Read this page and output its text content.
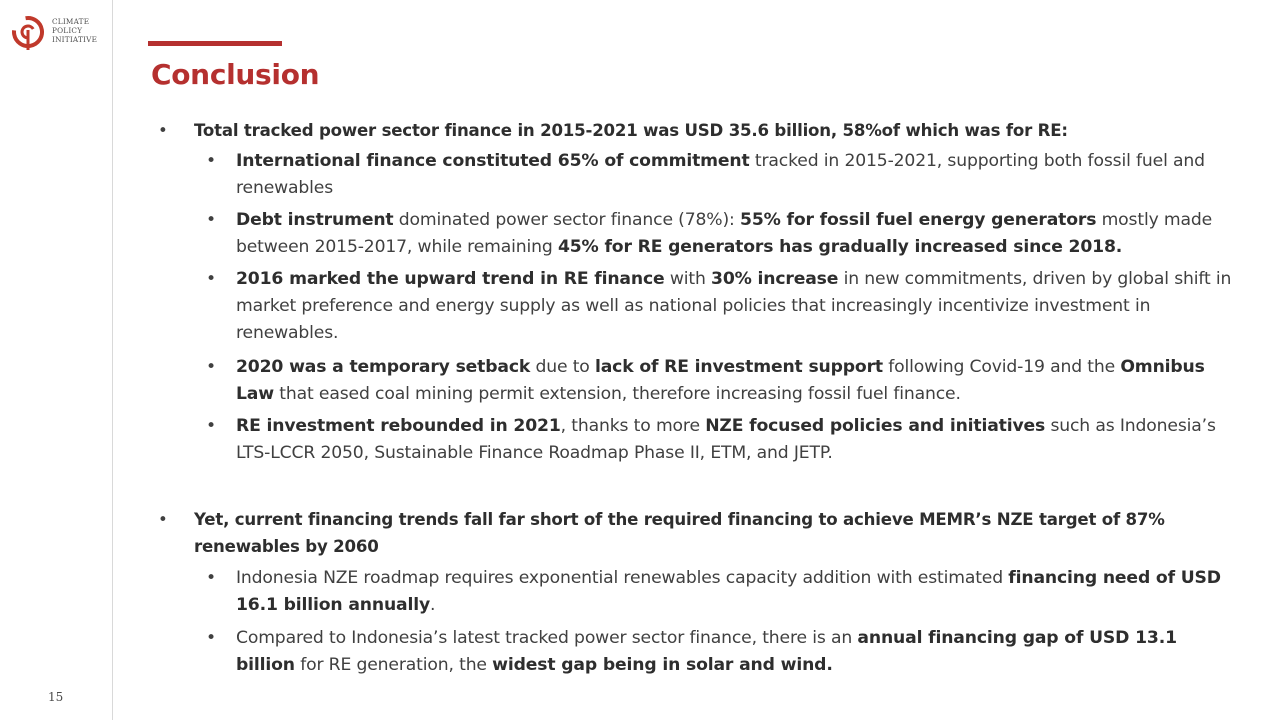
CLIMATE
POLICY
INITIATIVE
Conclusion
• Total tracked power sector finance in 2015-2021 was USD 35.6 billion, 58%of which was for RE:
• International finance constituted 65% of commitment tracked in 2015-2021, supporting both fossil fuel and renewables
• Debt instrument dominated power sector finance (78%): 55% for fossil fuel energy generators mostly made between 2015-2017, while remaining 45% for RE generators has gradually increased since 2018.
• 2016 marked the upward trend in RE finance with 30% increase in new commitments, driven by global shift in market preference and energy supply as well as national policies that increasingly incentivize investment in renewables.
• 2020 was a temporary setback due to lack of RE investment support following Covid-19 and the Omnibus Law that eased coal mining permit extension, therefore increasing fossil fuel finance.
• RE investment rebounded in 2021, thanks to more NZE focused policies and initiatives such as Indonesia’s LTS-LCCR 2050, Sustainable Finance Roadmap Phase II, ETM, and JETP.
• Yet, current financing trends fall far short of the required financing to achieve MEMR’s NZE target of 87% renewables by 2060
• Indonesia NZE roadmap requires exponential renewables capacity addition with estimated financing need of USD 16.1 billion annually.
• Compared to Indonesia’s latest tracked power sector finance, there is an annual financing gap of USD 13.1 billion for RE generation, the widest gap being in solar and wind.
15
